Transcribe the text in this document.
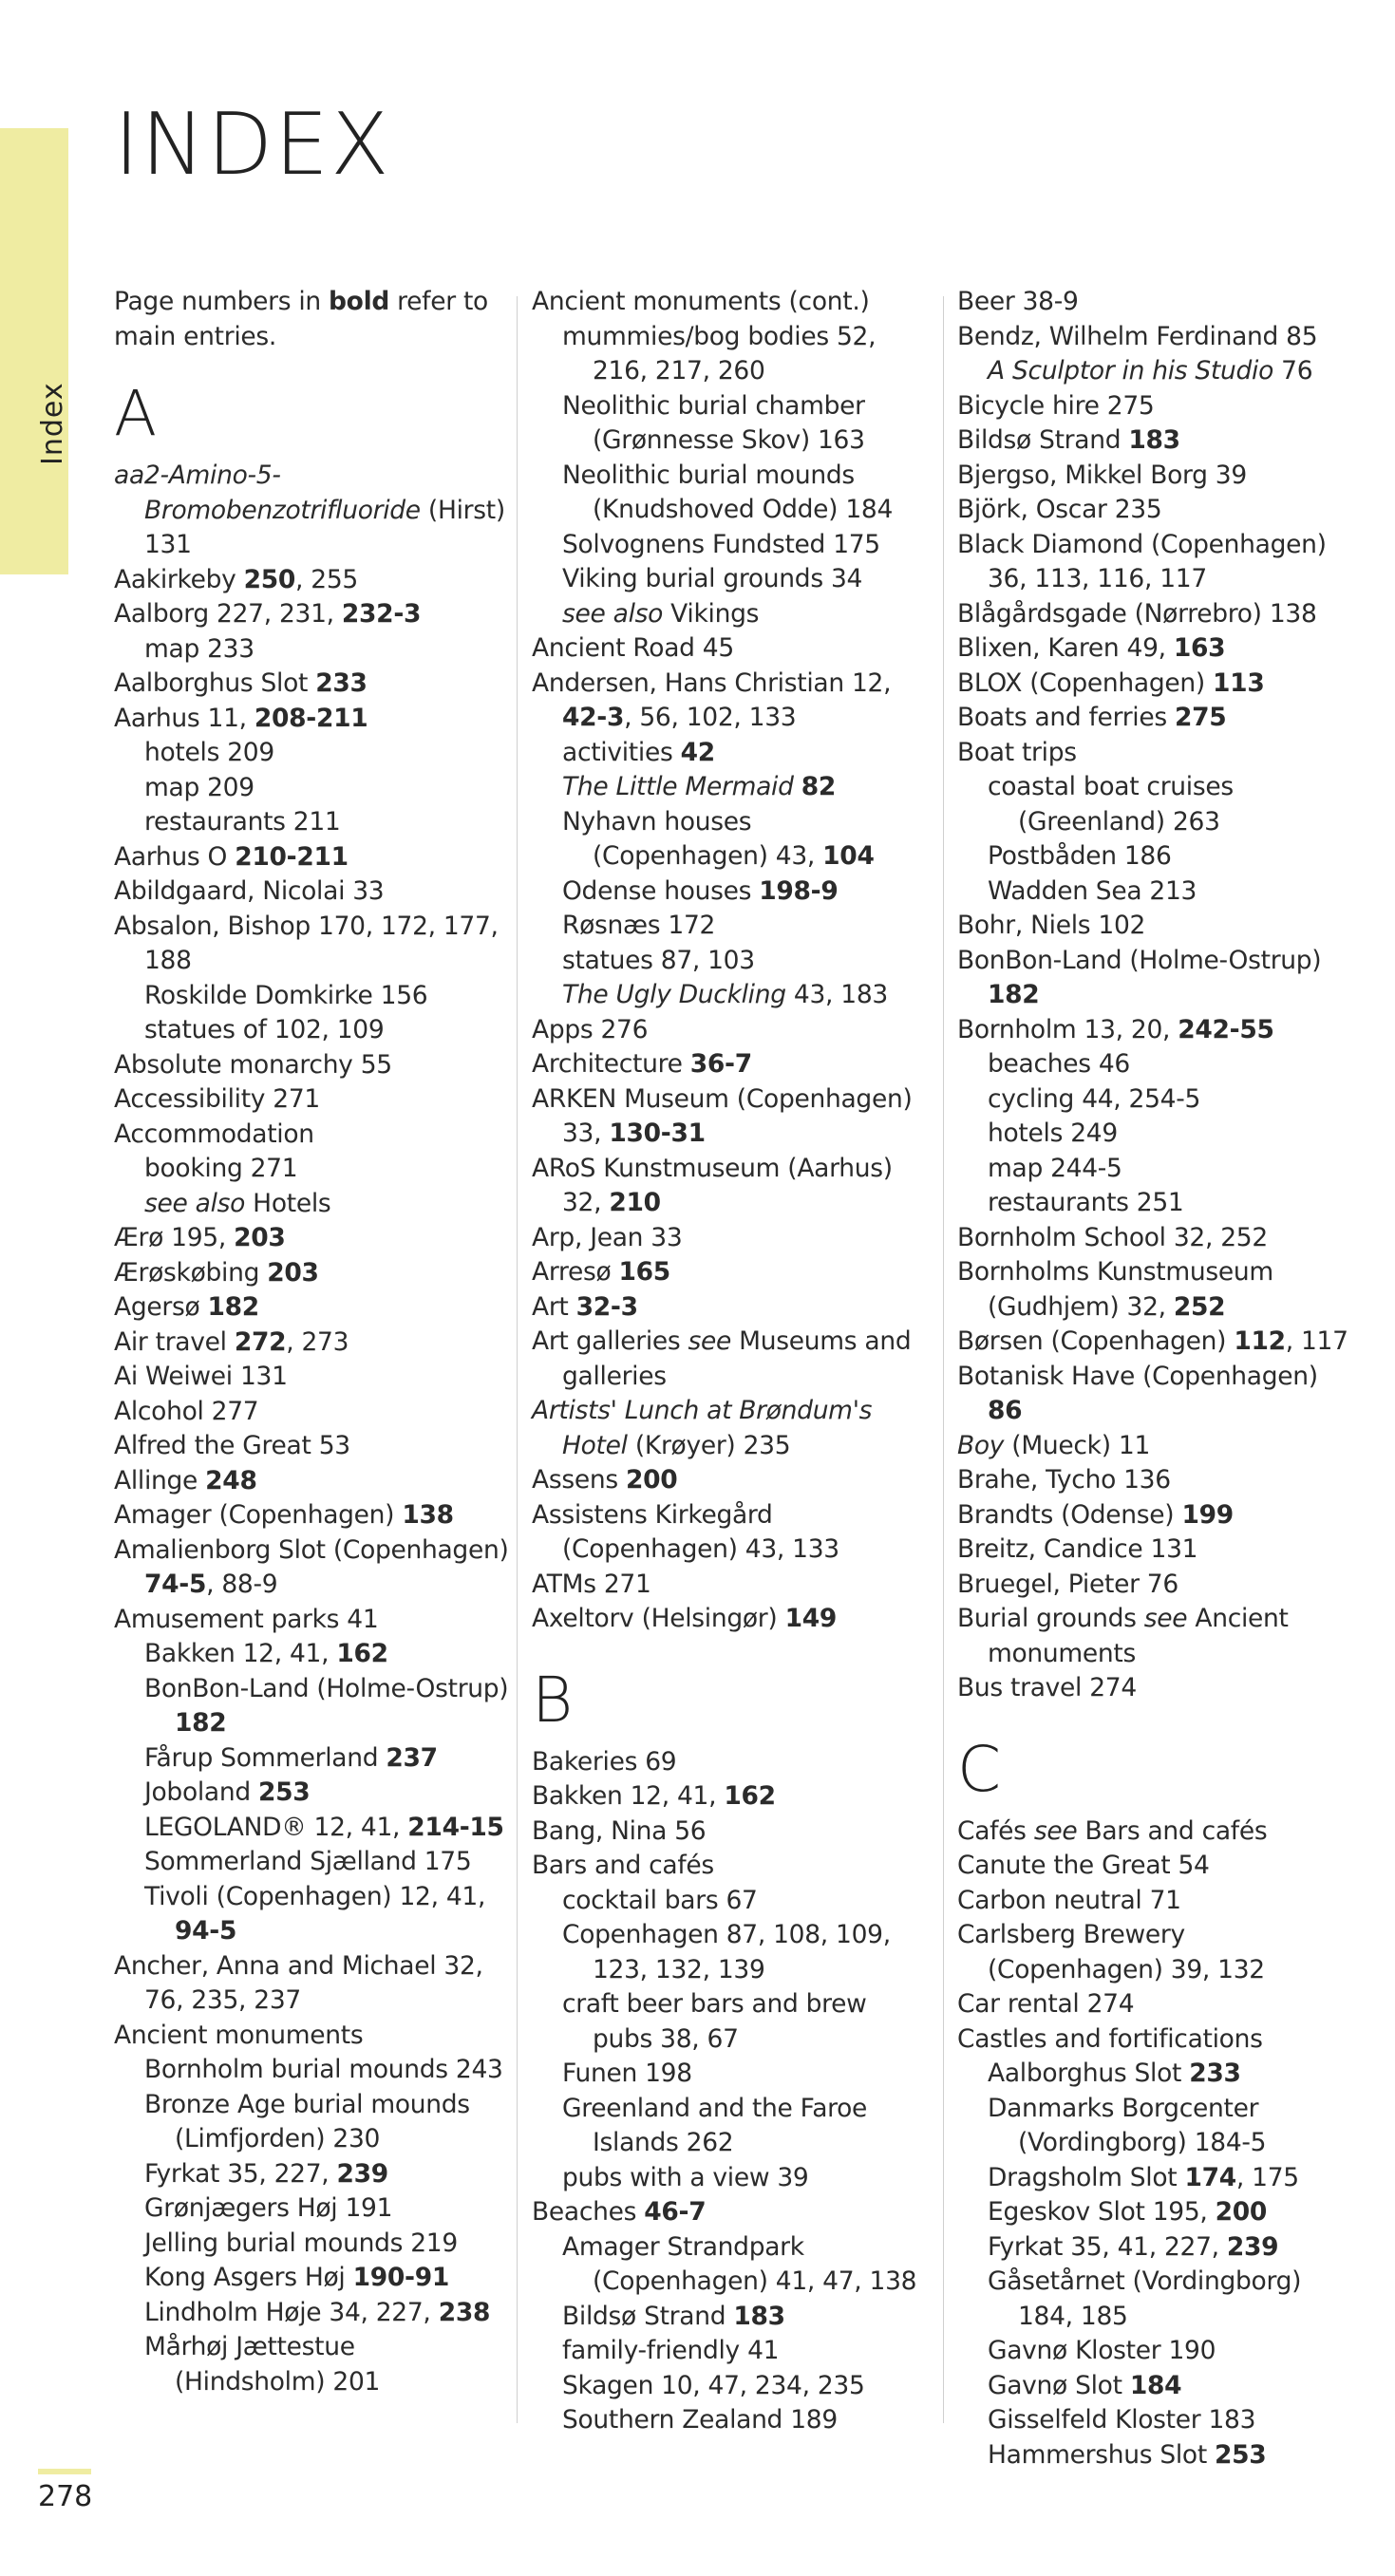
Index
INDEX
Page numbers in bold refer to main entries.
A
aa2-Amino-5-Bromobenzotrifluoride (Hirst) 131
Aakirkeby 250, 255
Aalborg 227, 231, 232-3
map 233
Aalborghus Slot 233
Aarhus 11, 208-211
hotels 209
map 209
restaurants 211
Aarhus O 210-211
Abildgaard, Nicolai 33
Absalon, Bishop 170, 172, 177, 188
Roskilde Domkirke 156
statues of 102, 109
Absolute monarchy 55
Accessibility 271
Accommodation
booking 271
see also Hotels
Ærø 195, 203
Ærøskøbing 203
Agersø 182
Air travel 272, 273
Ai Weiwei 131
Alcohol 277
Alfred the Great 53
Allinge 248
Amager (Copenhagen) 138
Amalienborg Slot (Copenhagen) 74-5, 88-9
Amusement parks 41
Bakken 12, 41, 162
BonBon-Land (Holme-Ostrup) 182
Fårup Sommerland 237
Joboland 253
LEGOLAND® 12, 41, 214-15
Sommerland Sjælland 175
Tivoli (Copenhagen) 12, 41, 94-5
Ancher, Anna and Michael 32, 76, 235, 237
Ancient monuments
Bornholm burial mounds 243
Bronze Age burial mounds (Limfjorden) 230
Fyrkat 35, 227, 239
Grønjægers Høj 191
Jelling burial mounds 219
Kong Asgers Høj 190-91
Lindholm Høje 34, 227, 238
Mårhøj Jættestue (Hindsholm) 201
Ancient monuments (cont.)
mummies/bog bodies 52, 216, 217, 260
Neolithic burial chamber (Grønnesse Skov) 163
Neolithic burial mounds (Knudshoved Odde) 184
Solvognens Fundsted 175
Viking burial grounds 34
see also Vikings
Ancient Road 45
Andersen, Hans Christian 12, 42-3, 56, 102, 133
activities 42
The Little Mermaid 82
Nyhavn houses (Copenhagen) 43, 104
Odense houses 198-9
Røsnæs 172
statues 87, 103
The Ugly Duckling 43, 183
Apps 276
Architecture 36-7
ARKEN Museum (Copenhagen) 33, 130-31
ARoS Kunstmuseum (Aarhus) 32, 210
Arp, Jean 33
Arresø 165
Art 32-3
Art galleries see Museums and galleries
Artists' Lunch at Brøndum's Hotel (Krøyer) 235
Assens 200
Assistens Kirkegård (Copenhagen) 43, 133
ATMs 271
Axeltorv (Helsingør) 149
B
Bakeries 69
Bakken 12, 41, 162
Bang, Nina 56
Bars and cafés
cocktail bars 67
Copenhagen 87, 108, 109, 123, 132, 139
craft beer bars and brew pubs 38, 67
Funen 198
Greenland and the Faroe Islands 262
pubs with a view 39
Beaches 46-7
Amager Strandpark (Copenhagen) 41, 47, 138
Bildsø Strand 183
family-friendly 41
Skagen 10, 47, 234, 235
Southern Zealand 189
Beer 38-9
Bendz, Wilhelm Ferdinand 85
A Sculptor in his Studio 76
Bicycle hire 275
Bildsø Strand 183
Bjergso, Mikkel Borg 39
Björk, Oscar 235
Black Diamond (Copenhagen) 36, 113, 116, 117
Blågårdsgade (Nørrebro) 138
Blixen, Karen 49, 163
BLOX (Copenhagen) 113
Boats and ferries 275
Boat trips
coastal boat cruises (Greenland) 263
Postbåden 186
Wadden Sea 213
Bohr, Niels 102
BonBon-Land (Holme-Ostrup) 182
Bornholm 13, 20, 242-55
beaches 46
cycling 44, 254-5
hotels 249
map 244-5
restaurants 251
Bornholm School 32, 252
Bornholms Kunstmuseum (Gudhjem) 32, 252
Børsen (Copenhagen) 112, 117
Botanisk Have (Copenhagen) 86
Boy (Mueck) 11
Brahe, Tycho 136
Brandts (Odense) 199
Breitz, Candice 131
Bruegel, Pieter 76
Burial grounds see Ancient monuments
Bus travel 274
C
Cafés see Bars and cafés
Canute the Great 54
Carbon neutral 71
Carlsberg Brewery (Copenhagen) 39, 132
Car rental 274
Castles and fortifications
Aalborghus Slot 233
Danmarks Borgcenter (Vordingborg) 184-5
Dragsholm Slot 174, 175
Egeskov Slot 195, 200
Fyrkat 35, 41, 227, 239
Gåsetårnet (Vordingborg) 184, 185
Gavnø Kloster 190
Gavnø Slot 184
Gisselfeld Kloster 183
Hammershus Slot 253
278
